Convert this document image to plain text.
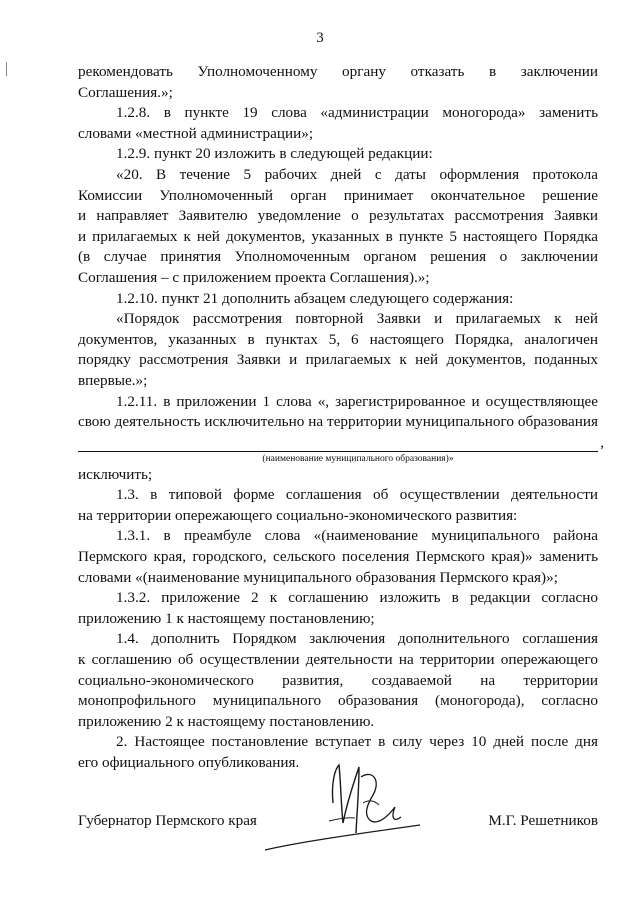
3
рекомендовать Уполномоченному органу отказать в заключении
Соглашения.»;
1.2.8. в пункте 19 слова «администрации моногорода» заменить
словами «местной администрации»;
1.2.9. пункт 20 изложить в следующей редакции:
«20. В течение 5 рабочих дней с даты оформления протокола
Комиссии Уполномоченный орган принимает окончательное решение
и направляет Заявителю уведомление о результатах рассмотрения Заявки
и прилагаемых к ней документов, указанных в пункте 5 настоящего Порядка
(в случае принятия Уполномоченным органом решения о заключении
Соглашения – с приложением проекта Соглашения).»;
1.2.10. пункт 21 дополнить абзацем следующего содержания:
«Порядок рассмотрения повторной Заявки и прилагаемых к ней
документов, указанных в пунктах 5, 6 настоящего Порядка, аналогичен
порядку рассмотрения Заявки и прилагаемых к ней документов, поданных
впервые.»;
1.2.11. в приложении 1 слова «, зарегистрированное и осуществляющее
свою деятельность исключительно на территории муниципального образования
,
(наименование муниципального образования)»
исключить;
1.3. в типовой форме соглашения об осуществлении деятельности
на территории опережающего социально-экономического развития:
1.3.1. в преамбуле слова «(наименование муниципального района
Пермского края, городского, сельского поселения Пермского края)» заменить
словами «(наименование муниципального образования Пермского края)»;
1.3.2. приложение 2 к соглашению изложить в редакции согласно
приложению 1 к настоящему постановлению;
1.4. дополнить Порядком заключения дополнительного соглашения
к соглашению об осуществлении деятельности на территории опережающего
социально-экономического развития, создаваемой на территории
монопрофильного муниципального образования (моногорода), согласно
приложению 2 к настоящему постановлению.
2. Настоящее постановление вступает в силу через 10 дней после дня
его официального опубликования.
Губернатор Пермского края	М.Г. Решетников
